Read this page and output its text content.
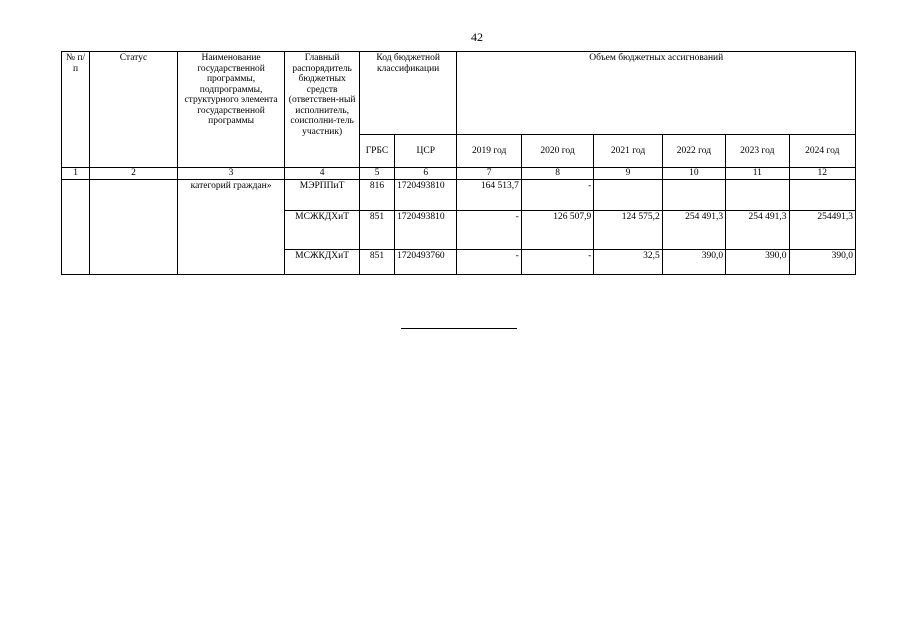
42
№ п/п	Статус	Наименование государственной программы, подпрограммы, структурного элемента государственной программы	Главный распорядитель бюджетных средств (ответствен-ный исполнитель, соисполни-тель участник)	Код бюджетной классификации		Объем бюджетных ассигнований					
				ГРБС	ЦСР	2019 год	2020 год	2021 год	2022 год	2023 год	2024 год
1	2	3	4	5	6	7	8	9	10	11	12
		категорий граждан»	МЭРППиТ	816	1720493810	164 513,7	-				
			МСЖКДХиТ	851	1720493810	-	126 507,9	124 575,2	254 491,3	254 491,3	254491,3
			МСЖКДХиТ	851	1720493760	-	-	32,5	390,0	390,0	390,0
